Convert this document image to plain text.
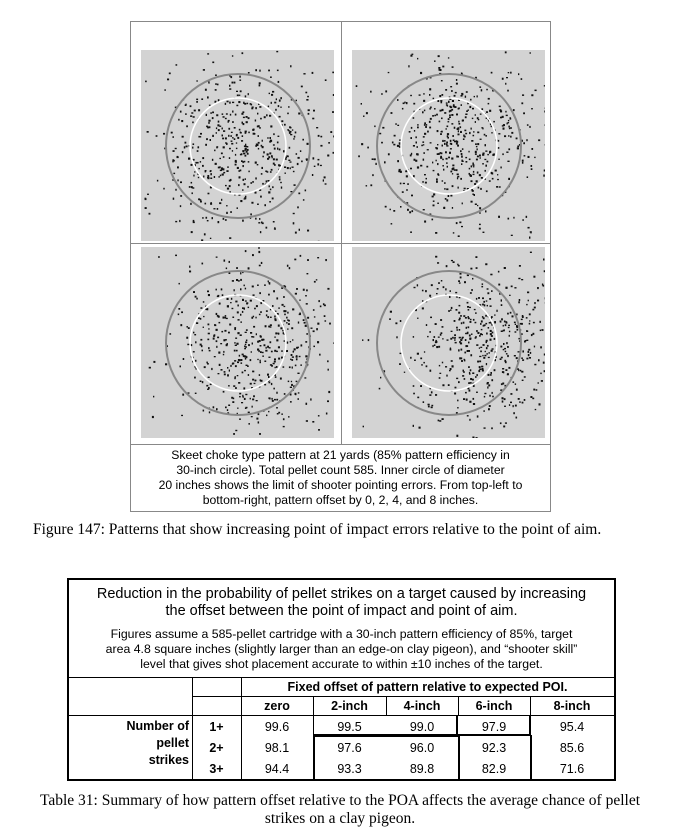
Skeet choke type pattern at 21 yards (85% pattern efficiency in
30-inch circle). Total pellet count 585. Inner circle of diameter
20 inches shows the limit of shooter pointing errors. From top-left to
bottom-right, pattern offset by 0, 2, 4, and 8 inches.
Figure 147: Patterns that show increasing point of impact errors relative to the point of aim.
Reduction in the probability of pellet strikes on a target caused by increasing
the offset between the point of impact and point of aim.
Figures assume a 585-pellet cartridge with a 30-inch pattern efficiency of 85%, target
area 4.8 square inches (slightly larger than an edge-on clay pigeon), and “shooter skill”
level that gives shot placement accurate to within ±10 inches of the target.
Fixed offset of pattern relative to expected POI.
zero	2-inch	4-inch	6-inch	8-inch
Number of
pellet
strikes
1+	99.6	99.5	99.0	97.9	95.4
2+	98.1	97.6	96.0	92.3	85.6
3+	94.4	93.3	89.8	82.9	71.6
Table 31: Summary of how pattern offset relative to the POA affects the average chance of pellet
strikes on a clay pigeon.
